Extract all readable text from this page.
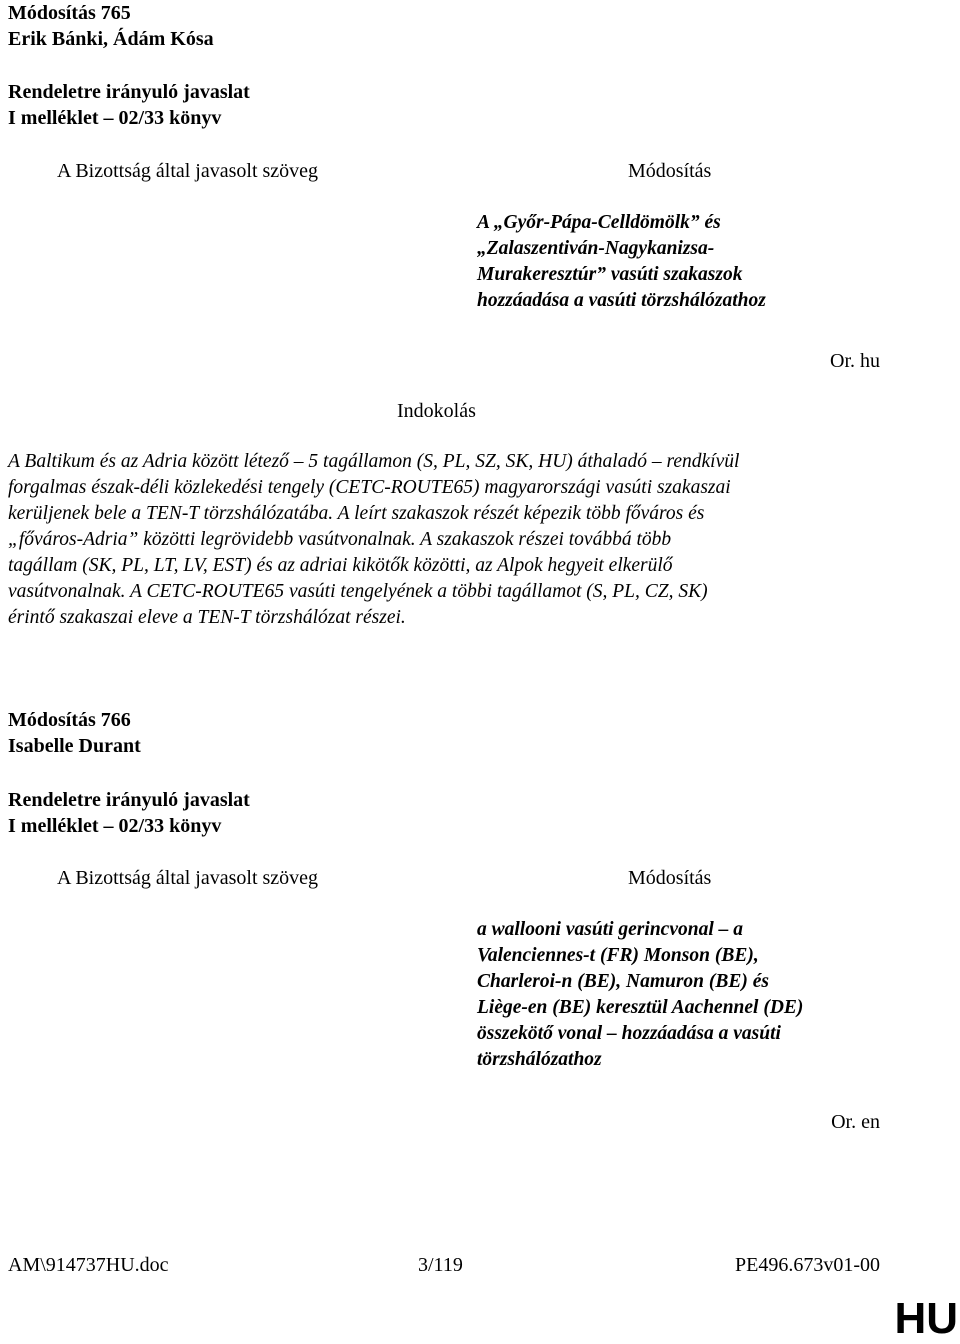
Módosítás 765
Erik Bánki, Ádám Kósa
Rendeletre irányuló javaslat
I melléklet – 02/33 könyv
A Bizottság által javasolt szöveg	Módosítás
A „Győr-Pápa-Celldömölk” és
„Zalaszentiván-Nagykanizsa-
Murakeresztúr” vasúti szakaszok
hozzáadása a vasúti törzshálózathoz
Or. hu
Indokolás
A Baltikum és az Adria között létező – 5 tagállamon (S, PL, SZ, SK, HU) áthaladó – rendkívül
forgalmas észak-déli közlekedési tengely (CETC-ROUTE65) magyarországi vasúti szakaszai
kerüljenek bele a TEN-T törzshálózatába. A leírt szakaszok részét képezik több főváros és
„főváros-Adria” közötti legrövidebb vasútvonalnak. A szakaszok részei továbbá több
tagállam (SK, PL, LT, LV, EST) és az adriai kikötők közötti, az Alpok hegyeit elkerülő
vasútvonalnak. A CETC-ROUTE65 vasúti tengelyének a többi tagállamot (S, PL, CZ, SK)
érintő szakaszai eleve a TEN-T törzshálózat részei.
Módosítás 766
Isabelle Durant
Rendeletre irányuló javaslat
I melléklet – 02/33 könyv
A Bizottság által javasolt szöveg	Módosítás
a wallooni vasúti gerincvonal – a
Valenciennes-t (FR) Monson (BE),
Charleroi-n (BE), Namuron (BE) és
Liège-en (BE) keresztül Aachennel (DE)
összekötő vonal – hozzáadása a vasúti
törzshálózathoz
Or. en
AM\914737HU.doc	3/119	PE496.673v01-00
HU
